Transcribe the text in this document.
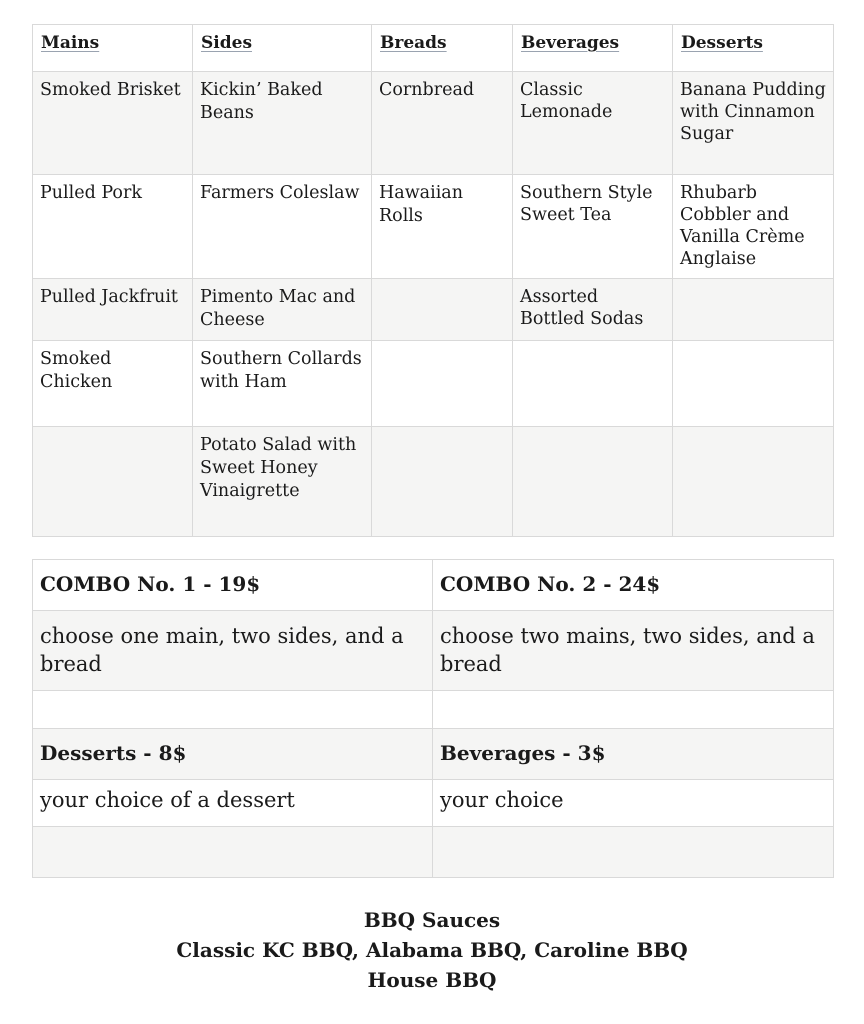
Mains	Sides	Breads	Beverages	Desserts
Smoked Brisket	Kickin’ Baked Beans	Cornbread	Classic Lemonade	Banana Pudding with Cinnamon Sugar
Pulled Pork	Farmers Coleslaw	Hawaiian Rolls	Southern Style Sweet Tea	Rhubarb Cobbler and Vanilla Crème Anglaise
Pulled Jackfruit	Pimento Mac and Cheese		Assorted Bottled Sodas	
Smoked Chicken	Southern Collards with Ham			
	Potato Salad with Sweet Honey Vinaigrette			
COMBO No. 1 - 19$	COMBO No. 2 - 24$
choose one main, two sides, and a bread	choose two mains, two sides, and a bread

Desserts - 8$	Beverages - 3$
your choice of a dessert	your choice

BBQ Sauces
Classic KC BBQ, Alabama BBQ, Caroline BBQ
House BBQ
